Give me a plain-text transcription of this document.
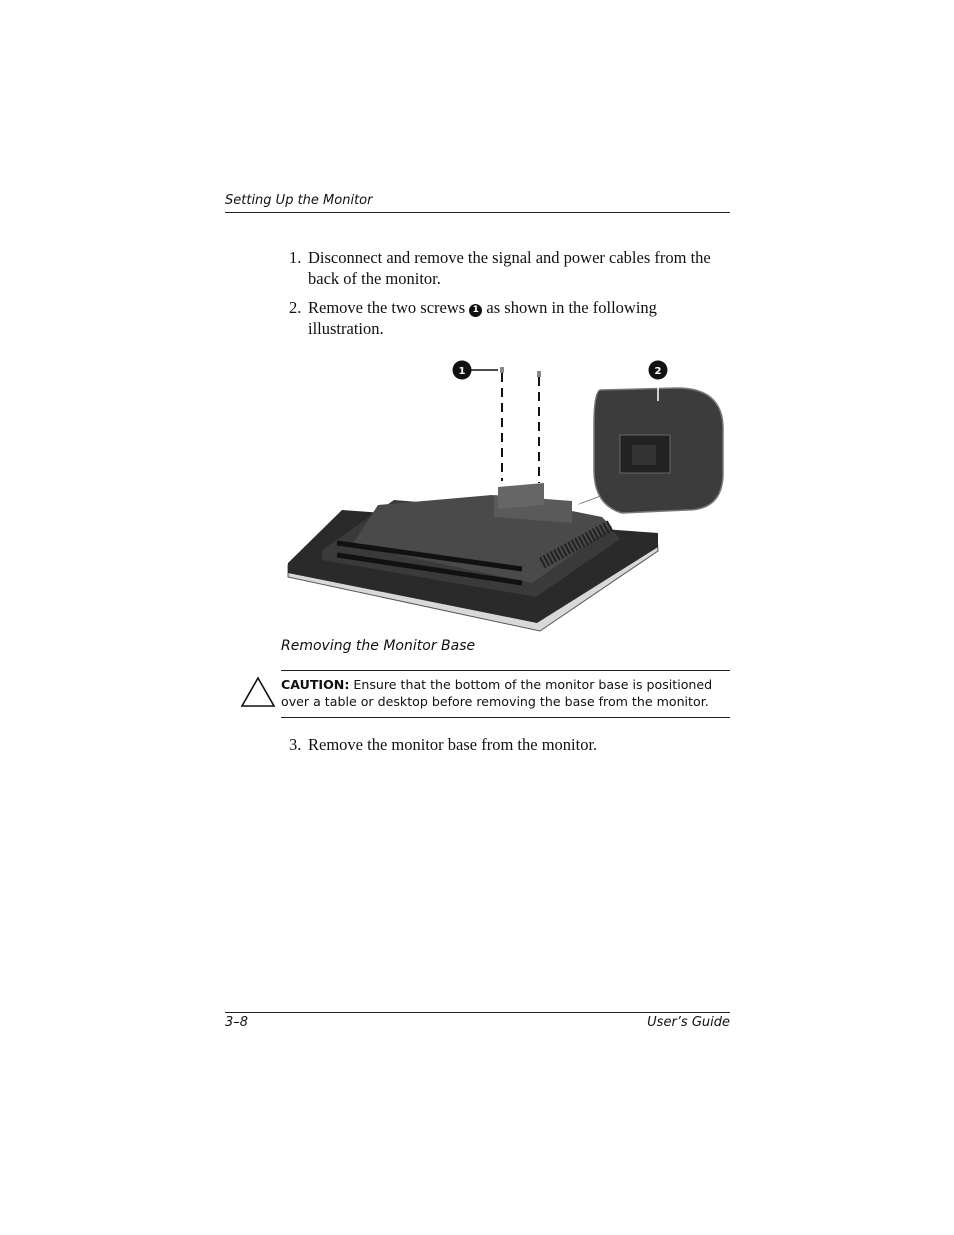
Setting Up the Monitor
1. Disconnect and remove the signal and power cables from the back of the monitor.
2. Remove the two screws 1 as shown in the following illustration.
1	2
Removing the Monitor Base
CAUTION: Ensure that the bottom of the monitor base is positioned over a table or desktop before removing the base from the monitor.
3. Remove the monitor base from the monitor.
3–8	User’s Guide
